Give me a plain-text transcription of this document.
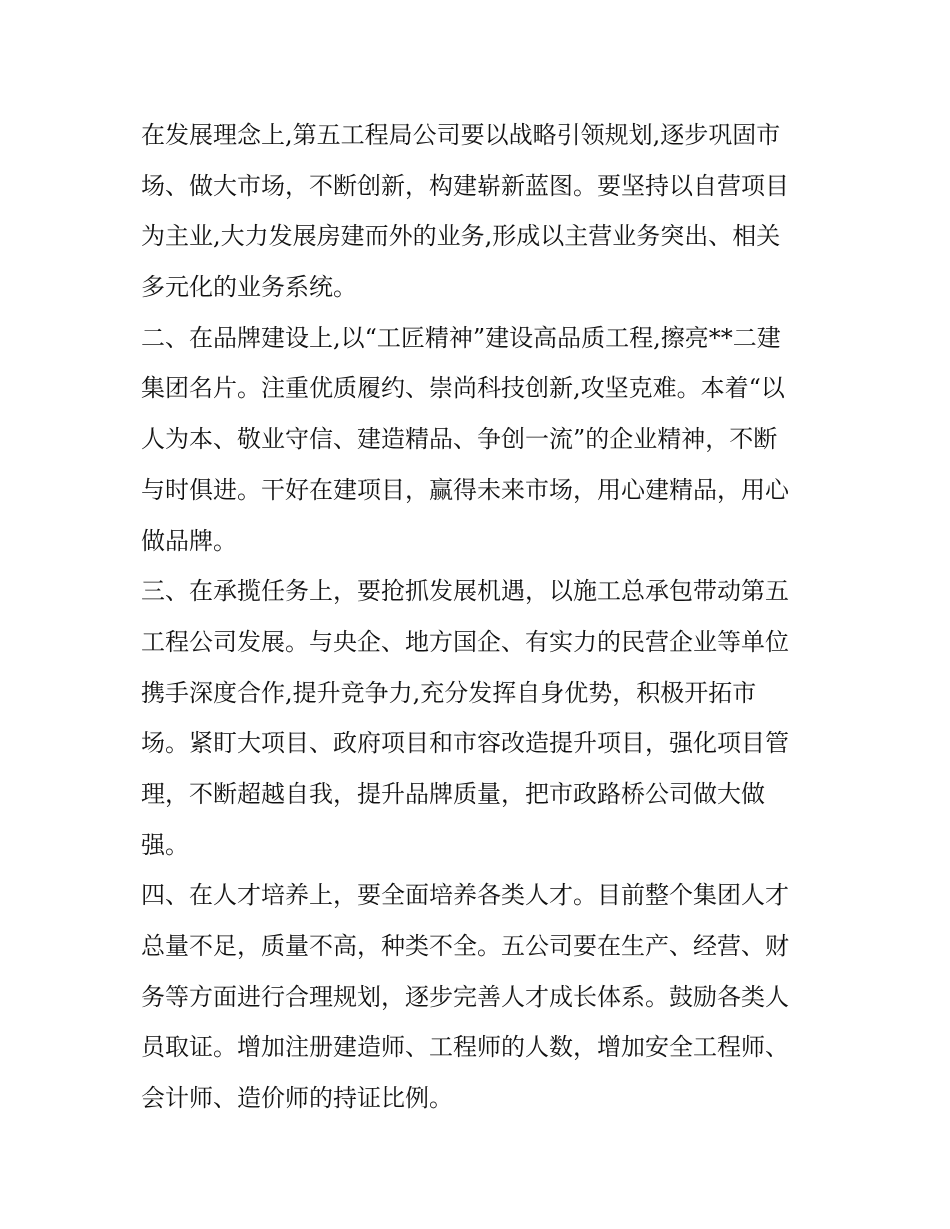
在发展理念上,第五工程局公司要以战略引领规划,逐步巩固市
场、做大市场，不断创新，构建崭新蓝图。要坚持以自营项目
为主业,大力发展房建而外的业务,形成以主营业务突出、相关
多元化的业务系统。
二、在品牌建设上,以“工匠精神”建设高品质工程,擦亮**二建
集团名片。注重优质履约、崇尚科技创新,攻坚克难。本着“以
人为本、敬业守信、建造精品、争创一流”的企业精神，不断
与时俱进。干好在建项目，赢得未来市场，用心建精品，用心
做品牌。
三、在承揽任务上，要抢抓发展机遇，以施工总承包带动第五
工程公司发展。与央企、地方国企、有实力的民营企业等单位
携手深度合作,提升竞争力,充分发挥自身优势，积极开拓市
场。紧盯大项目、政府项目和市容改造提升项目，强化项目管
理，不断超越自我，提升品牌质量，把市政路桥公司做大做
强。
四、在人才培养上，要全面培养各类人才。目前整个集团人才
总量不足，质量不高，种类不全。五公司要在生产、经营、财
务等方面进行合理规划，逐步完善人才成长体系。鼓励各类人
员取证。增加注册建造师、工程师的人数，增加安全工程师、
会计师、造价师的持证比例。
